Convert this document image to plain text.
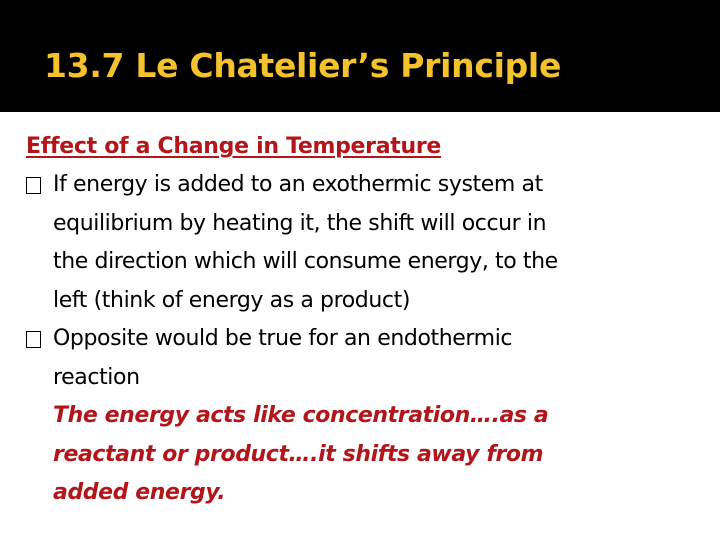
13.7 Le Chatelier’s Principle

Effect of a Change in Temperature

If energy is added to an exothermic system at
equilibrium by heating it, the shift will occur in
the direction which will consume energy, to the
left (think of energy as a product)
Opposite would be true for an endothermic
reaction
The energy acts like concentration….as a
reactant or product….it shifts away from
added energy.
